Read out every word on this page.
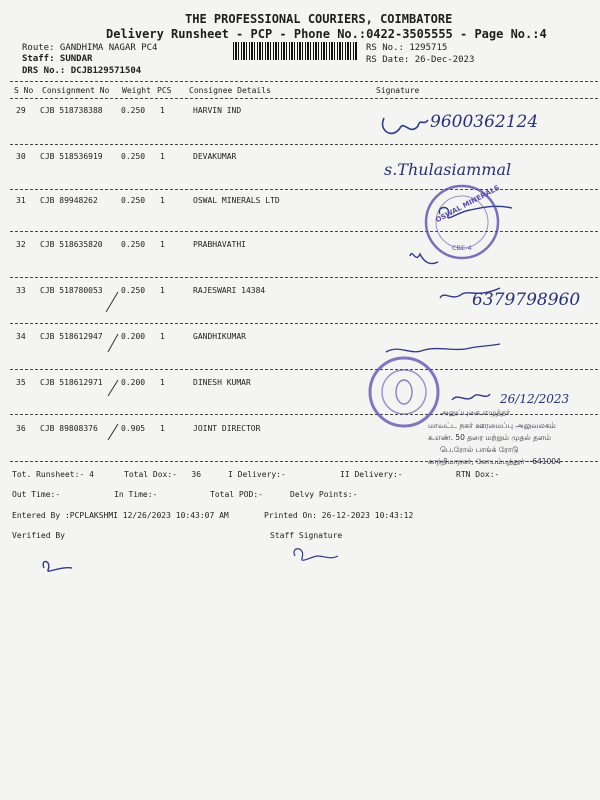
THE PROFESSIONAL COURIERS, COIMBATORE
Delivery Runsheet - PCP - Phone No.:0422-3505555 - Page No.:4
Route: GANDHIMA NAGAR PC4
Staff: SUNDAR
DRS No.: DCJB129571504
RS No.: 1295715
RS Date: 26-Dec-2023
S No Consignment No Weight PCS Consignee Details	Signature
29 CJB 518738388 0.250 1	HARVIN IND
30 CJB 518536919 0.250 1	DEVAKUMAR
31 CJB 89948262	0.250 1	OSWAL MINERALS LTD
32 CJB 518635820 0.250 1	PRABHAVATHI
33 CJB 518780053 0.250 1	RAJESWARI 14384
34 CJB 518612947 0.200 1	GANDHIKUMAR
35 CJB 518612971 0.200 1	DINESH KUMAR
36 CJB 89808376	0.905 1	JOINT DIRECTOR
9600362124
s.Thulasiammal
6379798960
26/12/2023
OSWAL MINERALS
CBE-4
அனுப்புகை எழுத்தர்
மாவட்ட நகர் ஊரமைப்பு அலுவலகம்
க.எண். 50 தரை மற்றும் முதல் தளம்
பெ.ரோல் பாங்க் ரோடு
காந்திமாநகர், கோயம்புத்தூர் - 641004
Tot. Runsheet:- 4	Total Dox:-   36	I Delivery:-	II Delivery:-	RTN Dox:-
Out Time:-	In Time:-	Total POD:-	Delvy Points:-
Entered By :PCPLAKSHMI 12/26/2023 10:43:07 AM	Printed On: 26-12-2023 10:43:12
Verified By	Staff Signature
